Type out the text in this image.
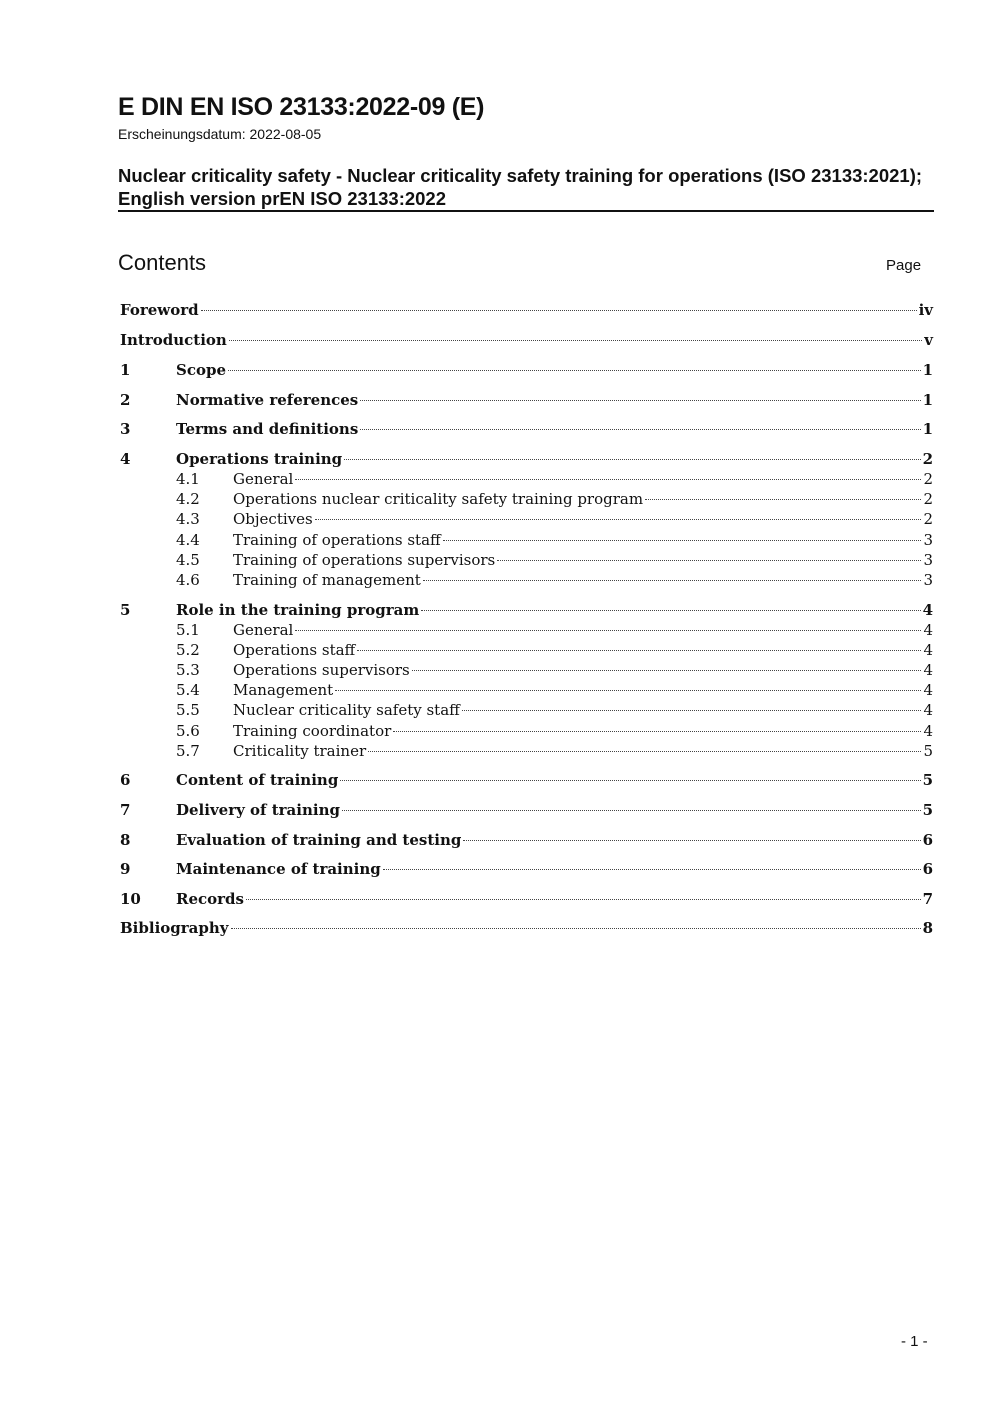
E DIN EN ISO 23133:2022-09 (E)
Erscheinungsdatum: 2022-08-05
Nuclear criticality safety - Nuclear criticality safety training for operations (ISO 23133:2021); English version prEN ISO 23133:2022
Contents	Page
Foreword	iv
Introduction	v
1	Scope	1
2	Normative references	1
3	Terms and definitions	1
4	Operations training	2
4.1	General	2
4.2	Operations nuclear criticality safety training program	2
4.3	Objectives	2
4.4	Training of operations staff	3
4.5	Training of operations supervisors	3
4.6	Training of management	3
5	Role in the training program	4
5.1	General	4
5.2	Operations staff	4
5.3	Operations supervisors	4
5.4	Management	4
5.5	Nuclear criticality safety staff	4
5.6	Training coordinator	4
5.7	Criticality trainer	5
6	Content of training	5
7	Delivery of training	5
8	Evaluation of training and testing	6
9	Maintenance of training	6
10	Records	7
Bibliography	8
- 1 -
